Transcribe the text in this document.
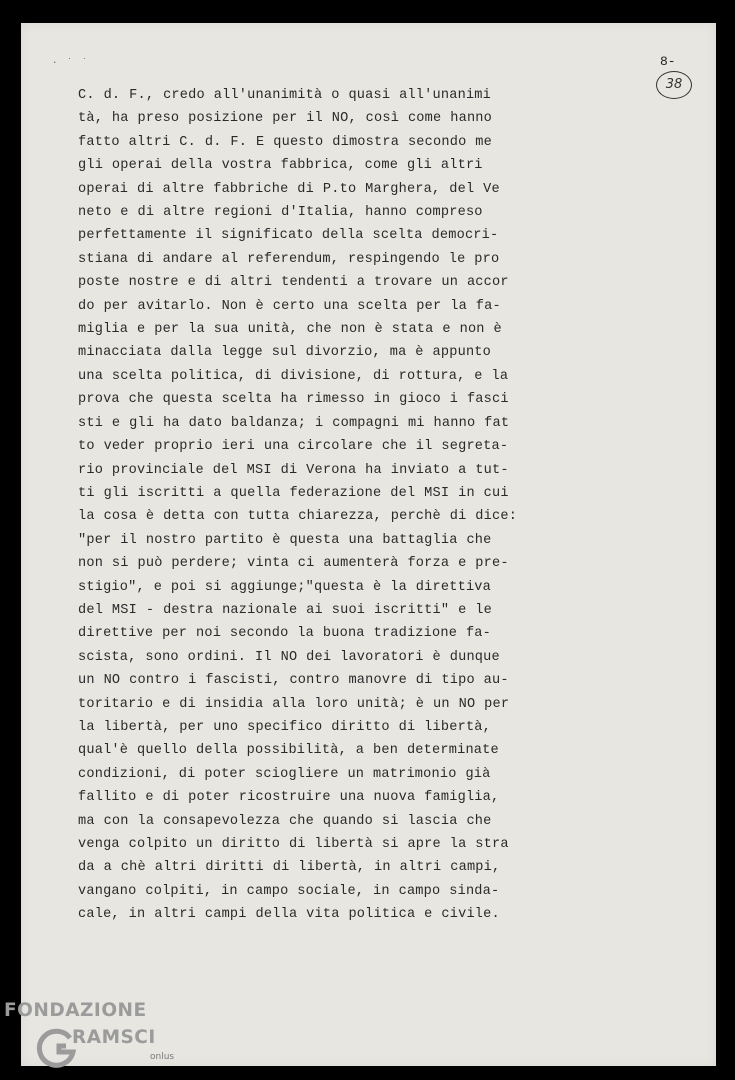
· ˙ ˙	8-
38
C. d. F., credo all'unanimità o quasi all'unanimi
tà, ha preso posizione per il NO, così come hanno
fatto altri C. d. F. E questo dimostra secondo me
gli operai della vostra fabbrica, come gli altri
operai di altre fabbriche di P.to Marghera, del Ve
neto e di altre regioni d'Italia, hanno compreso
perfettamente il significato della scelta democri-
stiana di andare al referendum, respingendo le pro
poste nostre e di altri tendenti a trovare un accor
do per avitarlo. Non è certo una scelta per la fa-
miglia e per la sua unità, che non è stata e non è
minacciata dalla legge sul divorzio, ma è appunto
una scelta politica, di divisione, di rottura, e la
prova che questa scelta ha rimesso in gioco i fasci
sti e gli ha dato baldanza; i compagni mi hanno fat
to veder proprio ieri una circolare che il segreta-
rio provinciale del MSI di Verona ha inviato a tut-
ti gli iscritti a quella federazione del MSI in cui
la cosa è detta con tutta chiarezza, perchè di dice:
"per il nostro partito è questa una battaglia che
non si può perdere; vinta ci aumenterà forza e pre-
stigio", e poi si aggiunge;"questa è la direttiva
del MSI - destra nazionale ai suoi iscritti" e le
direttive per noi secondo la buona tradizione fa-
scista, sono ordini. Il NO dei lavoratori è dunque
un NO contro i fascisti, contro manovre di tipo au-
toritario e di insidia alla loro unità; è un NO per
la libertà, per uno specifico diritto di libertà,
qual'è quello della possibilità, a ben determinate
condizioni, di poter sciogliere un matrimonio già
fallito e di poter ricostruire una nuova famiglia,
ma con la consapevolezza che quando si lascia che
venga colpito un diritto di libertà si apre la stra
da a chè altri diritti di libertà, in altri campi,
vangano colpiti, in campo sociale, in campo sinda-
cale, in altri campi della vita politica e civile.
FONDAZIONE
RAMSCI
onlus
